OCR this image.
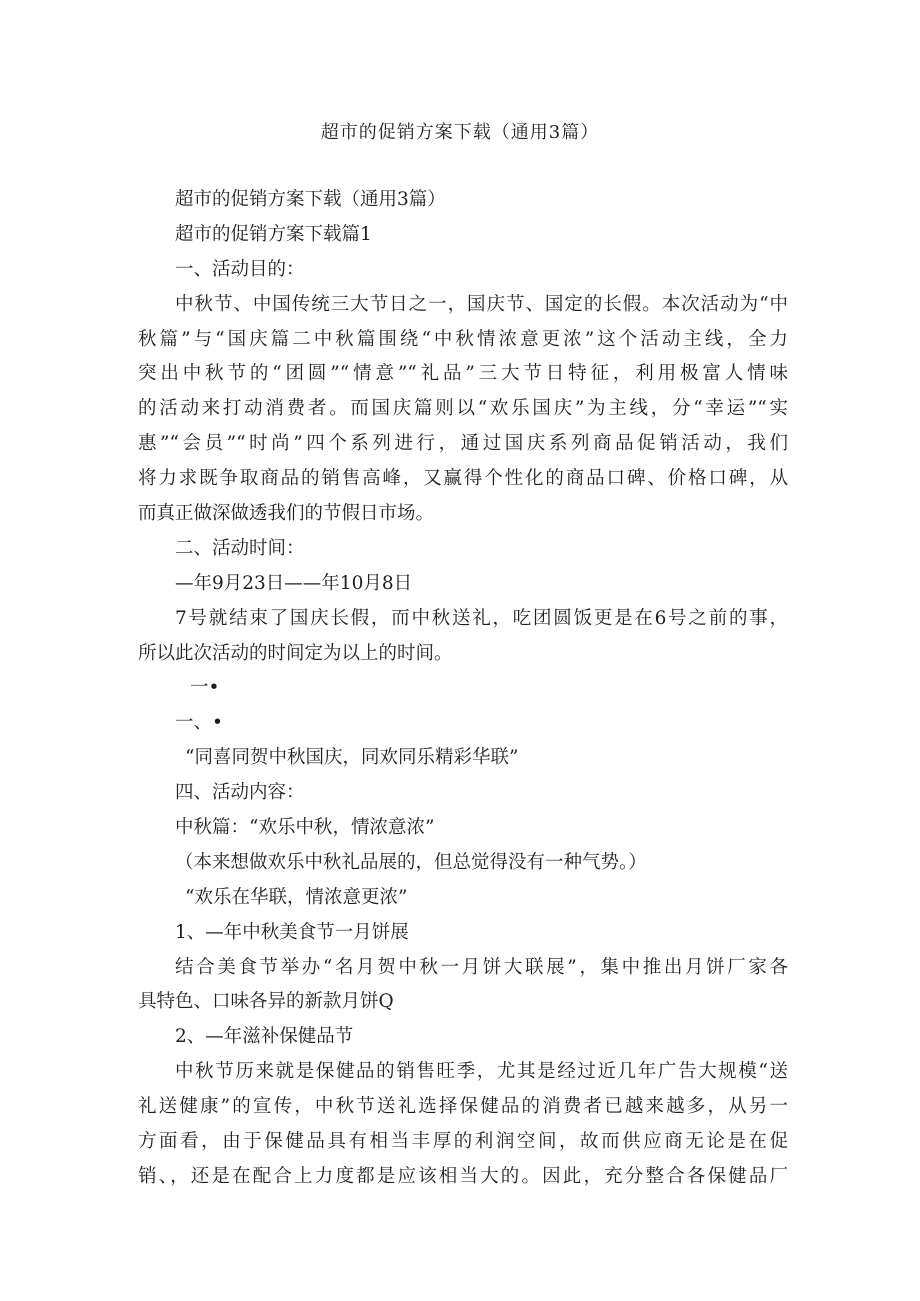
超市的促销方案下载（通用3篇）
超市的促销方案下载（通用3篇）
超市的促销方案下载篇1
一、活动目的：
中秋节、中国传统三大节日之一，国庆节、国定的长假。本次活动为“中
秋篇”与“国庆篇二中秋篇围绕“中秋情浓意更浓”这个活动主线，全力
突出中秋节的“团圆”“情意”“礼品”三大节日特征，利用极富人情味
的活动来打动消费者。而国庆篇则以“欢乐国庆”为主线，分“幸运”“实
惠”“会员”“时尚”四个系列进行，通过国庆系列商品促销活动，我们
将力求既争取商品的销售高峰，又赢得个性化的商品口碑、价格口碑，从
而真正做深做透我们的节假日市场。
二、活动时间：
—年9月23日——年10月8日
7号就结束了国庆长假，而中秋送礼，吃团圆饭更是在6号之前的事，
所以此次活动的时间定为以上的时间。
一•
一、•
“同喜同贺中秋国庆，同欢同乐精彩华联”
四、活动内容：
中秋篇：“欢乐中秋，情浓意浓”
（本来想做欢乐中秋礼品展的，但总觉得没有一种气势。）
“欢乐在华联，情浓意更浓”
1、—年中秋美食节一月饼展
结合美食节举办“名月贺中秋一月饼大联展”，集中推出月饼厂家各
具特色、口味各异的新款月饼Q
2、—年滋补保健品节
中秋节历来就是保健品的销售旺季，尤其是经过近几年广告大规模“送
礼送健康”的宣传，中秋节送礼选择保健品的消费者已越来越多，从另一
方面看，由于保健品具有相当丰厚的利润空间，故而供应商无论是在促
销、，还是在配合上力度都是应该相当大的。因此，充分整合各保健品厂
